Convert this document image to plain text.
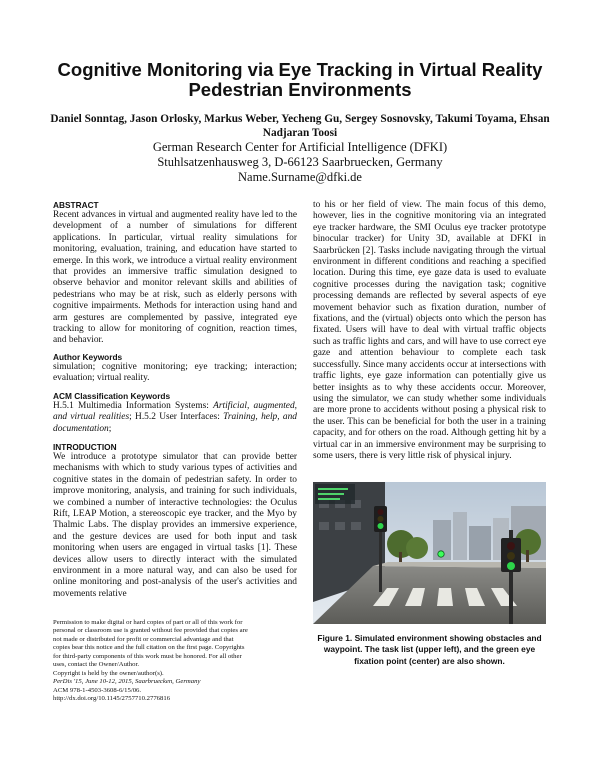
Cognitive Monitoring via Eye Tracking in Virtual Reality Pedestrian Environments

Daniel Sonntag, Jason Orlosky, Markus Weber, Yecheng Gu, Sergey Sosnovsky, Takumi Toyama, Ehsan Nadjaran Toosi

German Research Center for Artificial Intelligence (DFKI)

Stuhlsatzenhausweg 3, D-66123 Saarbruecken, Germany

Name.Surname@dfki.de

ABSTRACT

Recent advances in virtual and augmented reality have led to the development of a number of simulations for different applications. In particular, virtual reality simulations for monitoring, evaluation, training, and education have started to emerge. In this work, we introduce a virtual reality environment that provides an immersive traffic simulation designed to observe behavior and monitor relevant skills and abilities of pedestrians who may be at risk, such as elderly persons with cognitive impairments. Methods for interaction using hand and arm gestures are complemented by passive, integrated eye tracking to allow for monitoring of cognition, reaction times, and behavior.

Author Keywords

simulation; cognitive monitoring; eye tracking; interaction; evaluation; virtual reality.

ACM Classification Keywords

H.5.1 Multimedia Information Systems: Artificial, augmented, and virtual realities; H.5.2 User Interfaces: Training, help, and documentation;

INTRODUCTION

We introduce a prototype simulator that can provide better mechanisms with which to study various types of activities and cognitive states in the domain of pedestrian safety. In order to improve monitoring, analysis, and training for such individuals, we combined a number of interactive technologies: the Oculus Rift, LEAP Motion, a stereoscopic eye tracker, and the Myo by Thalmic Labs. The display provides an immersive experience, and the gesture devices are used for both input and task monitoring when users are engaged in virtual tasks [1]. These devices allow users to directly interact with the simulated environment in a more natural way, and can also be used for online monitoring and post-analysis of the user's activities and movements relative

Permission to make digital or hard copies of part or all of this work for
personal or classroom use is granted without fee provided that copies are
not made or distributed for profit or commercial advantage and that
copies bear this notice and the full citation on the first page. Copyrights
for third-party components of this work must be honored. For all other
uses, contact the Owner/Author.
Copyright is held by the owner/author(s).
PerDis '15, June 10-12, 2015, Saarbruecken, Germany
ACM 978-1-4503-3608-6/15/06.
http://dx.doi.org/10.1145/2757710.2776816

to his or her field of view. The main focus of this demo, however, lies in the cognitive monitoring via an integrated eye tracker hardware, the SMI Oculus eye tracker prototype binocular tracker) for Unity 3D, available at DFKI in Saarbrücken [2]. Tasks include navigating through the virtual environment in different conditions and reaching a specified location. During this time, eye gaze data is used to evaluate cognitive processes during the navigation task; cognitive processing demands are reflected by several aspects of eye movement behavior such as fixation duration, number of fixations, and the (virtual) objects onto which the person has fixated. Users will have to deal with virtual traffic objects such as traffic lights and cars, and will have to use correct eye gaze and attention behaviour to complete each task successfully. Since many accidents occur at intersections with traffic lights, eye gaze information can potentially give us better insights as to why these accidents occur. Moreover, using the simulator, we can study whether some individuals are more prone to accidents without posing a physical risk to the user. This can be beneficial for both the user in a training capacity, and for others on the road. Although getting hit by a virtual car in an immersive environment may be surprising to some users, there is very little risk of physical injury.

Figure 1. Simulated environment showing obstacles and waypoint. The task list (upper left), and the green eye fixation point (center) are also shown.
